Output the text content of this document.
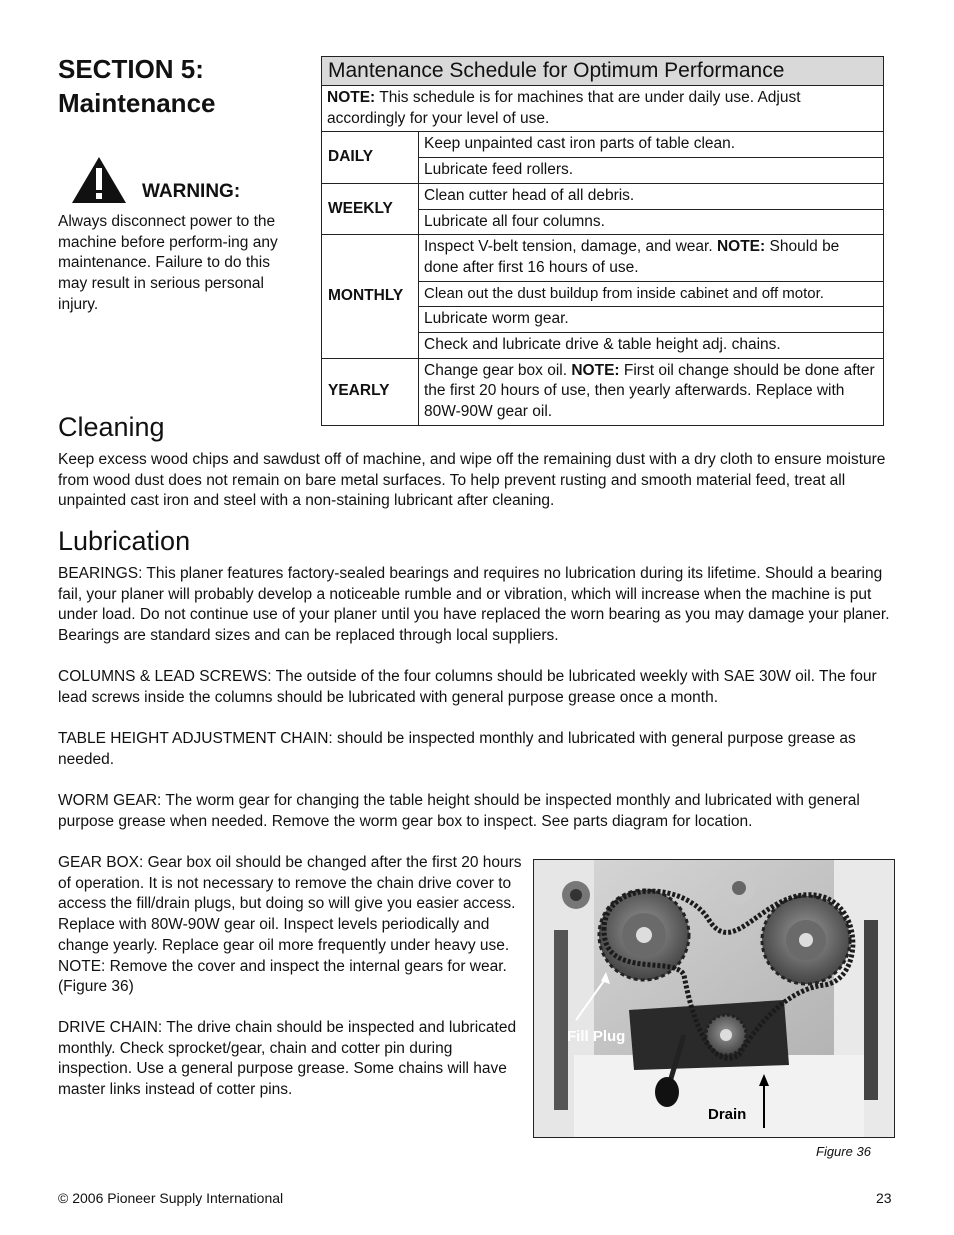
SECTION 5:
Maintenance
WARNING:
Always disconnect power to the machine before perform-ing any maintenance. Failure to do this may result in serious personal injury.
Mantenance Schedule for Optimum Performance	
NOTE: This schedule is for machines that are under daily use. Adjust accordingly for your level of use.	
DAILY	Keep unpainted cast iron parts of table clean.
	Lubricate feed rollers.
WEEKLY	Clean cutter head of all debris.
	Lubricate all four columns.
MONTHLY	Inspect V-belt tension, damage, and wear. NOTE: Should be done after first 16 hours of use.
	Clean out the dust buildup from inside cabinet and off motor.
	Lubricate worm gear.
	Check and lubricate drive & table height adj. chains.
YEARLY	Change gear box oil. NOTE: First oil change should be done after the first 20 hours of use, then yearly afterwards. Replace with 80W-90W gear oil.
Cleaning

Keep excess wood chips and sawdust off of machine, and wipe off the remaining dust with a dry cloth to ensure moisture from wood dust does not remain on bare metal surfaces. To help prevent rusting and smooth material feed, treat all unpainted cast iron and steel with a non-staining lubricant after cleaning.

Lubrication

BEARINGS: This planer features factory-sealed bearings and requires no lubrication during its lifetime. Should a bearing fail, your planer will probably develop a noticeable rumble and or vibration, which will increase when the machine is put under load. Do not continue use of your planer until you have replaced the worn bearing as you may damage your planer. Bearings are standard sizes and can be replaced through local suppliers.

COLUMNS & LEAD SCREWS: The outside of the four columns should be lubricated weekly with SAE 30W oil. The four lead screws inside the columns should be lubricated with general purpose grease once a month.

TABLE HEIGHT ADJUSTMENT CHAIN: should be inspected monthly and lubricated with general purpose grease as needed.

WORM GEAR: The worm gear for changing the table height should be inspected monthly and lubricated with general purpose grease when needed. Remove the worm gear box to inspect. See parts diagram for location.

GEAR BOX: Gear box oil should be changed after the first 20 hours of operation. It is not necessary to remove the chain drive cover to access the fill/drain plugs, but doing so will give you easier access. Replace with 80W-90W gear oil. Inspect levels periodically and change yearly. Replace gear oil more frequently under heavy use. NOTE: Remove the cover and inspect the internal gears for wear. (Figure 36)

DRIVE CHAIN: The drive chain should be inspected and lubricated monthly. Check sprocket/gear, chain and cotter pin during inspection. Use a general purpose grease. Some chains will have master links instead of cotter pins.

Fill Plug
Drain
Figure 36
© 2006 Pioneer Supply International	23
